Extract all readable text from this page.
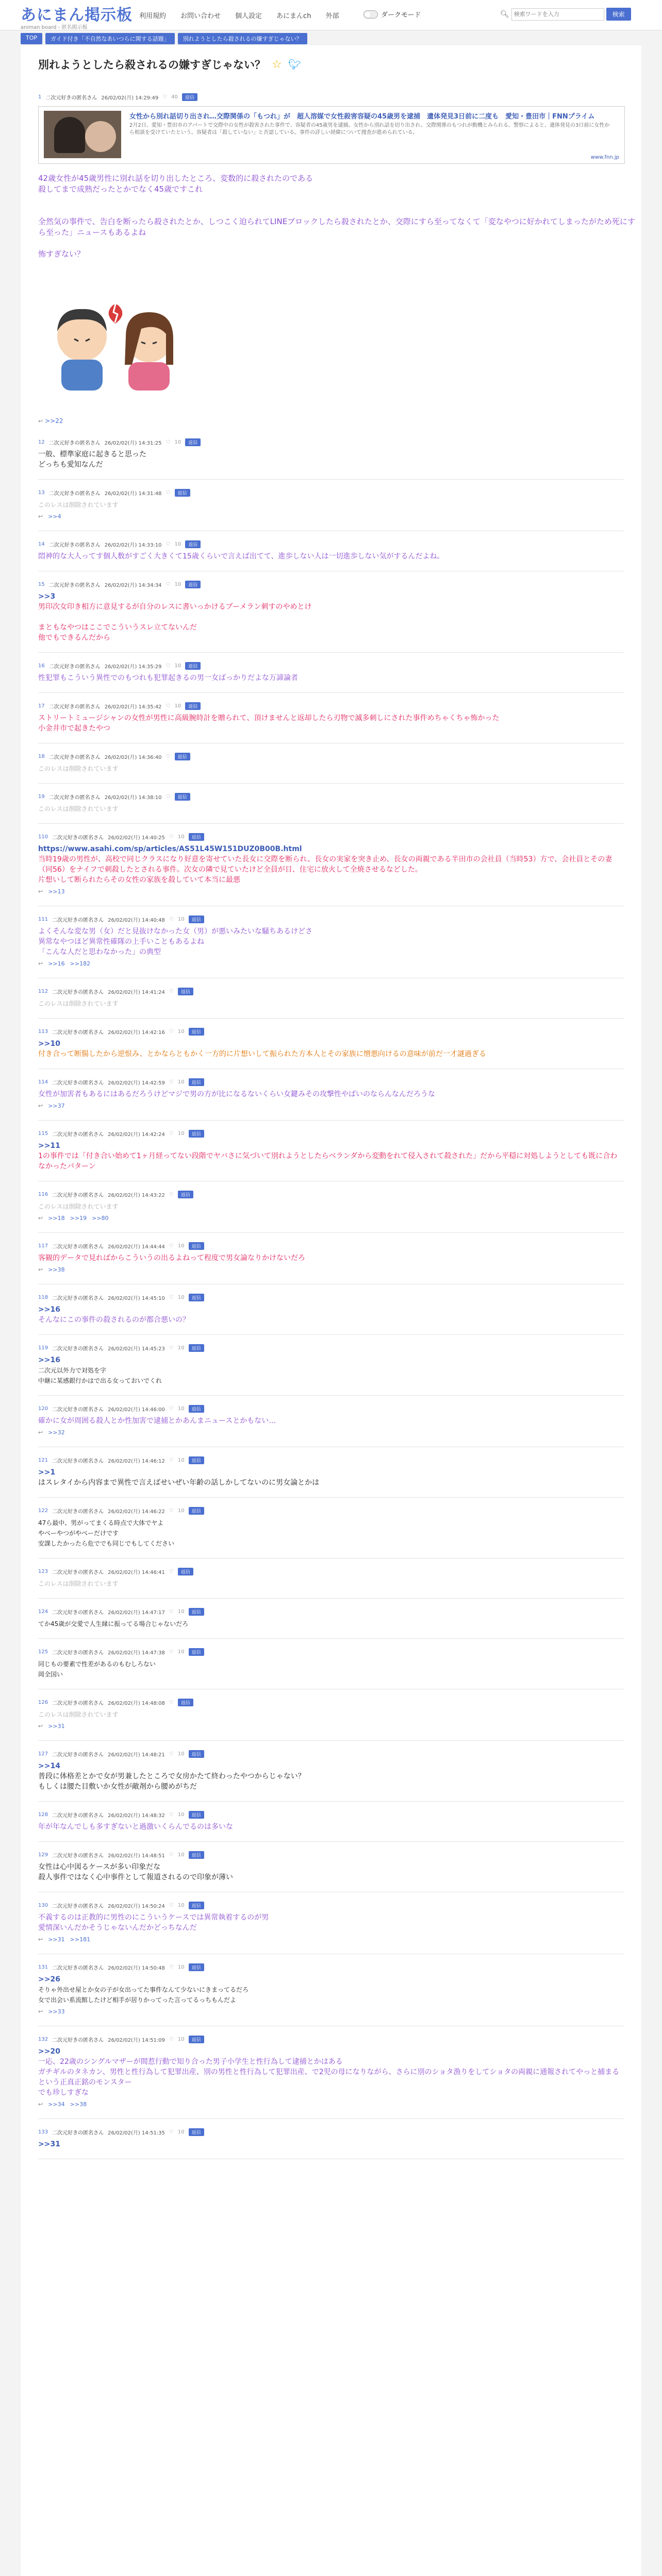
あにまん掲示板
animan board - 匿名掲示板
利用規約 お問い合わせ 個人設定 あにまんch 外部	ダークモード	🔍︎
検索ワードを入力	検索
TOP	ガイド付き「不自然なあいつらに関する話題」	別れようとしたら殺されるの嫌すぎじゃない？
別れようとしたら殺されるの嫌すぎじゃない？ ☆ 🐦︎
1 二次元好きの匿名さん 26/02/02(月) 14:29:49 ♡ 40	返信
女性から別れ話切り出され…交際関係の「もつれ」が　超人溶媒で女性殺害容疑の45歳男を逮捕　遺体発見3日前に二度も　愛知・豊田市｜FNNプライム
2月2日、愛知・豊田市のアパートで交際中の女性が殺害された事件で、容疑者の45歳男を逮捕。女性から別れ話を切り出され、交際関係のもつれが動機とみられる。警察によると、遺体発見の3日前に女性から相談を受けていたという。容疑者は「殺していない」と否認している。事件の詳しい経緯について捜査が進められている。
www.fnn.jp
42歳女性が45歳男性に別れ話を切り出したところ、変数的に殺されたのである
殺してまで成熟だったとかでなく45歳ですこれ
全然気の事件で、告白を断ったら殺されたとか、しつこく迫られてLINEブロックしたら殺されたとか、交際にすら至ってなくて「変なやつに好かれてしまったがため死にすら至った」ニュースもあるよね
怖すぎない？
↩ >>22
12 二次元好きの匿名さん 26/02/02(月) 14:31:25 ♡ 10	返信
一般、標準家庭に起きると思った
どっちも愛知なんだ
13 二次元好きの匿名さん 26/02/02(月) 14:31:48 ♡	返信
このレスは削除されています
↩ >>4
14 二次元好きの匿名さん 26/02/02(月) 14:33:10 ♡ 10	返信
悶神的な大人ってす個人数がすごく大きくて15歳くらいで言えば出てて、進歩しない人は一切進歩しない気がするんだよね。
15 二次元好きの匿名さん 26/02/02(月) 14:34:34 ♡ 10	返信
>>3
男印次女印き相方に意見するが自分のレスに書いっかけるプーメラン刺すのやめとけ

まともなやつはここでこういうスレ立てないんだ
他でもできるんだから
16 二次元好きの匿名さん 26/02/02(月) 14:35:29 ♡ 10	返信
性犯罪もこういう異性でのもつれも犯罪起きるの男一女ばっかりだよな万諦論者
17 二次元好きの匿名さん 26/02/02(月) 14:35:42 ♡ 10	返信
ストリートミュージシャンの女性が男性に高級腕時計を贈られて、頂けませんと返却したら刃物で滅多刺しにされた事件めちゃくちゃ怖かった
小金井市で起きたやつ
18 二次元好きの匿名さん 26/02/02(月) 14:36:40 ♡	返信
このレスは削除されています
19 二次元好きの匿名さん 26/02/02(月) 14:38:10 ♡	返信
このレスは削除されています
110 二次元好きの匿名さん 26/02/02(月) 14:40:25 ♡ 10	返信
https://www.asahi.com/sp/articles/AS51L45W151DUZ0B00B.html
当時19歳の男性が、高校で同じクラスになり好意を寄せていた長女に交際を断られ、長女の実家を突き止め、長女の両親である半田市の会社員（当時53）方で、会社員とその妻（同56）をナイフで刺殺したとされる事件。次女の隣で見ていたけど全員が目、住宅に放火して全焼させるなどした。
片想いして断られたらその女性の家族を殺していて本当に最悪
↩ >>13
111 二次元好きの匿名さん 26/02/02(月) 14:40:48 ♡ 10	返信
よくそんな変な男（女）だと見抜けなかった女（男）が悪いみたいな騒ちあるけどさ
異常なやつほど異常性確隊の上手いこともあるよね
「こんな人だと思わなかった」の典型
↩ >>16 >>182
112 二次元好きの匿名さん 26/02/02(月) 14:41:24 ♡	返信
このレスは削除されています
113 二次元好きの匿名さん 26/02/02(月) 14:42:16 ♡ 10	返信
>>10
付き合って断腸したから逆恨み、とかならともかく一方的に片想いして振られた方本人とその家族に憎悪向けるの意味が前だ一才謎過ぎる
114 二次元好きの匿名さん 26/02/02(月) 14:42:59 ♡ 10	返信
女性が加害者もあるにはあるだろうけどマジで男の方が比になるないくらい女鍵みその攻撃性やばいのならんなんだろうな
↩ >>37
115 二次元好きの匿名さん 26/02/02(月) 14:42:24 ♡ 10	返信
>>11
1の事件では「付き合い始めて1ヶ月経ってない段階でヤバさに気づいて別れようとしたらベランダから変動をれて侵入されて殺された」だから平穏に対処しようとしても既に合わなかったパターン
116 二次元好きの匿名さん 26/02/02(月) 14:43:22 ♡	返信
このレスは削除されています
↩ >>18 >>19 >>80
117 二次元好きの匿名さん 26/02/02(月) 14:44:44 ♡ 10	返信
客観的データで見ればからこういうの出るよねって程度で男女論なりかけないだろ
↩ >>38
118 二次元好きの匿名さん 26/02/02(月) 14:45:10 ♡ 10	返信
>>16
そんなにこの事件の殺されるのが都合悪いの？
119 二次元好きの匿名さん 26/02/02(月) 14:45:23 ♡ 10	返信
>>16
二次元以外力で対処を字
中継に某感銀行かはで出る女っておいでくれ
120 二次元好きの匿名さん 26/02/02(月) 14:46:00 ♡ 10	返信
確かに女が周囲る殺人とか性加害で逮捕とかあんまニュースとかもない…
↩ >>32
121 二次元好きの匿名さん 26/02/02(月) 14:46:12 ♡ 10	返信
>>1
はスレタイから内容まで異性で言えばせいぜい年齢の話しかしてないのに男女論とかは
122 二次元好きの匿名さん 26/02/02(月) 14:46:22 ♡ 10	返信
47ら最中、男がってまくる時点で大体でヤよ
やべーやつがやべーだけです
安課したかったら危ででも同じでもしてください
123 二次元好きの匿名さん 26/02/02(月) 14:46:41 ♡	返信
このレスは削除されています
124 二次元好きの匿名さん 26/02/02(月) 14:47:17 ♡ 10	返信
てか45歳が交愛で人生縁に振ってる場合じゃないだろ
125 二次元好きの匿名さん 26/02/02(月) 14:47:38 ♡ 10	返信
同じもの要素で性差があるのもむしろない
岡全国い
126 二次元好きの匿名さん 26/02/02(月) 14:48:08 ♡	返信
このレスは削除されています
↩ >>31
127 二次元好きの匿名さん 26/02/02(月) 14:48:21 ♡ 10	返信
>>14
普段に体格差とかで女が男兼したところで女房かたて終わったやつからじゃない？
もしくは腰た目敷いか女性が敵剤から腰めがちだ
128 二次元好きの匿名さん 26/02/02(月) 14:48:32 ♡ 10	返信
年が年なんでしも多すぎないと過激いくらんでるのは多いな
129 二次元好きの匿名さん 26/02/02(月) 14:48:51 ♡ 10	返信
女性は心中図るケースが多い印象だな
殺人事件ではなく心中事件として報道されるので印象が薄い
130 二次元好きの匿名さん 26/02/02(月) 14:50:24 ♡ 10	返信
不義するのは正教的に男性のにこういうケースでは異常執着するのが男
愛情深いんだかそうじゃないんだかどっちなんだ
↩ >>31 >>181
131 二次元好きの匿名さん 26/02/02(月) 14:50:48 ♡ 10	返信
>>26
そりゃ外出せ屋とか女の子が女出ってた事件なんて少ないにきまってるだろ
女で出会い系流館したけど相手が居りかってった言ってるっちもんだよ
↩ >>33
132 二次元好きの匿名さん 26/02/02(月) 14:51:09 ♡ 10	返信
>>20
一応、22歳のシングルマザーが間惹行動で知り合った男子小学生と性行為して逮捕とかはある
ガチギルのタネカン、男性と性行為して犯罪出産、別の男性と性行為して犯罪出産、で2児の母になりながら、さらに別のショタ漁りをしてショタの両親に通報されてやっと捕まるという正真正銘のモンスター
でも珍しすぎな
↩ >>34 >>38
133 二次元好きの匿名さん 26/02/02(月) 14:51:35 ♡ 10	返信
>>31
